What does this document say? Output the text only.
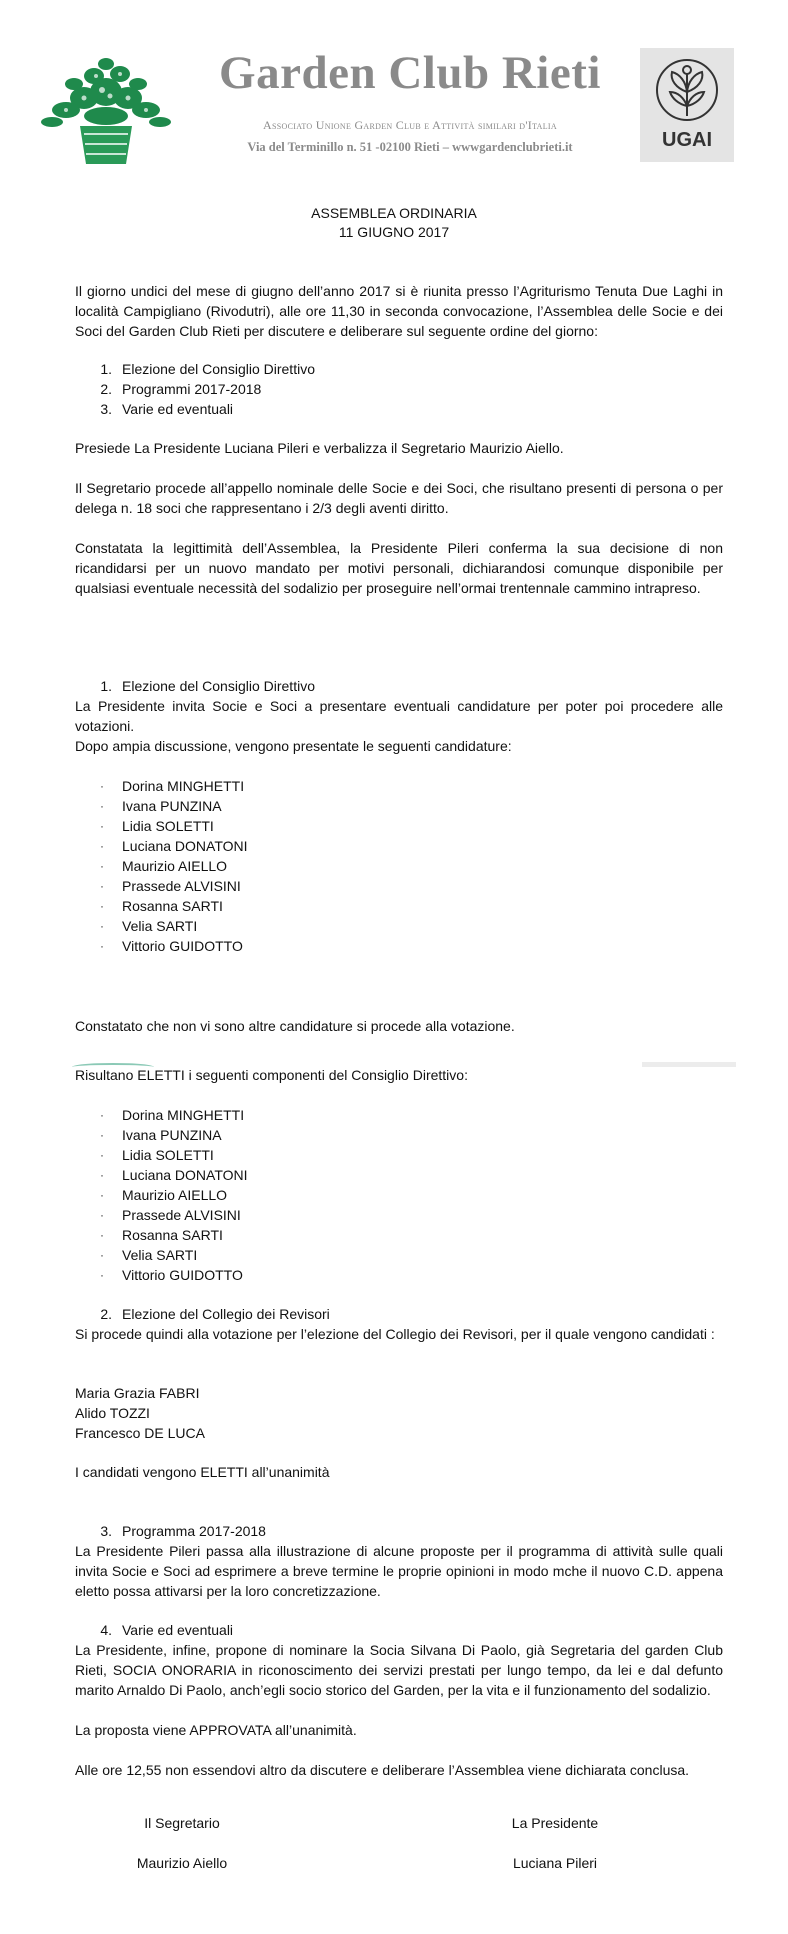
Garden Club Rieti
Associato Unione Garden Club e Attività similari d'Italia
Via del Terminillo n. 51 -02100 Rieti – wwwgardenclubrieti.it	UGAI
ASSEMBLEA ORDINARIA
11 GIUGNO 2017
Il giorno undici del mese di giugno dell’anno 2017 si è riunita presso l’Agriturismo Tenuta Due Laghi in località Campigliano (Rivodutri), alle ore 11,30 in seconda convocazione, l’Assemblea delle Socie e dei Soci del Garden Club Rieti per discutere e deliberare sul seguente ordine del giorno:
1. Elezione del Consiglio Direttivo
2. Programmi 2017-2018
3. Varie ed eventuali
Presiede La Presidente Luciana Pileri e verbalizza il Segretario Maurizio Aiello.
Il Segretario procede all’appello nominale delle Socie e dei Soci, che risultano presenti di persona o per delega n. 18 soci che rappresentano i 2/3 degli aventi diritto.
Constatata la legittimità dell’Assemblea, la Presidente Pileri conferma la sua decisione di non ricandidarsi per un nuovo mandato per motivi personali, dichiarandosi comunque disponibile per qualsiasi eventuale necessità del sodalizio per proseguire nell’ormai trentennale cammino intrapreso.
1. Elezione del Consiglio Direttivo
La Presidente invita Socie e Soci a presentare eventuali candidature per poter poi procedere alle votazioni.
Dopo ampia discussione, vengono presentate le seguenti candidature:
· Dorina MINGHETTI
· Ivana PUNZINA
· Lidia SOLETTI
· Luciana DONATONI
· Maurizio AIELLO
· Prassede ALVISINI
· Rosanna SARTI
· Velia SARTI
· Vittorio GUIDOTTO
Constatato che non vi sono altre candidature si procede alla votazione.
Risultano ELETTI i seguenti componenti del Consiglio Direttivo:
· Dorina MINGHETTI
· Ivana PUNZINA
· Lidia SOLETTI
· Luciana DONATONI
· Maurizio AIELLO
· Prassede ALVISINI
· Rosanna SARTI
· Velia SARTI
· Vittorio GUIDOTTO
2. Elezione del Collegio dei Revisori
Si procede quindi alla votazione per l’elezione del Collegio dei Revisori, per il quale vengono candidati :
Maria Grazia FABRI
Alido TOZZI
Francesco DE LUCA
I candidati vengono ELETTI all’unanimità
3. Programma 2017-2018
La Presidente Pileri passa alla illustrazione di alcune proposte per il programma di attività sulle quali invita Socie e Soci ad esprimere a breve termine le proprie opinioni in modo mche il nuovo C.D. appena eletto possa attivarsi per la loro concretizzazione.
4. Varie ed eventuali
La Presidente, infine, propone di nominare la Socia Silvana Di Paolo, già Segretaria del garden Club Rieti, SOCIA ONORARIA in riconoscimento dei servizi prestati per lungo tempo, da lei e dal defunto marito Arnaldo Di Paolo, anch’egli socio storico del Garden, per la vita e il funzionamento del sodalizio.
La proposta viene APPROVATA all’unanimità.
Alle ore 12,55 non essendovi altro da discutere e deliberare l’Assemblea viene dichiarata conclusa.
Il Segretario	La Presidente
Maurizio Aiello	Luciana Pileri
